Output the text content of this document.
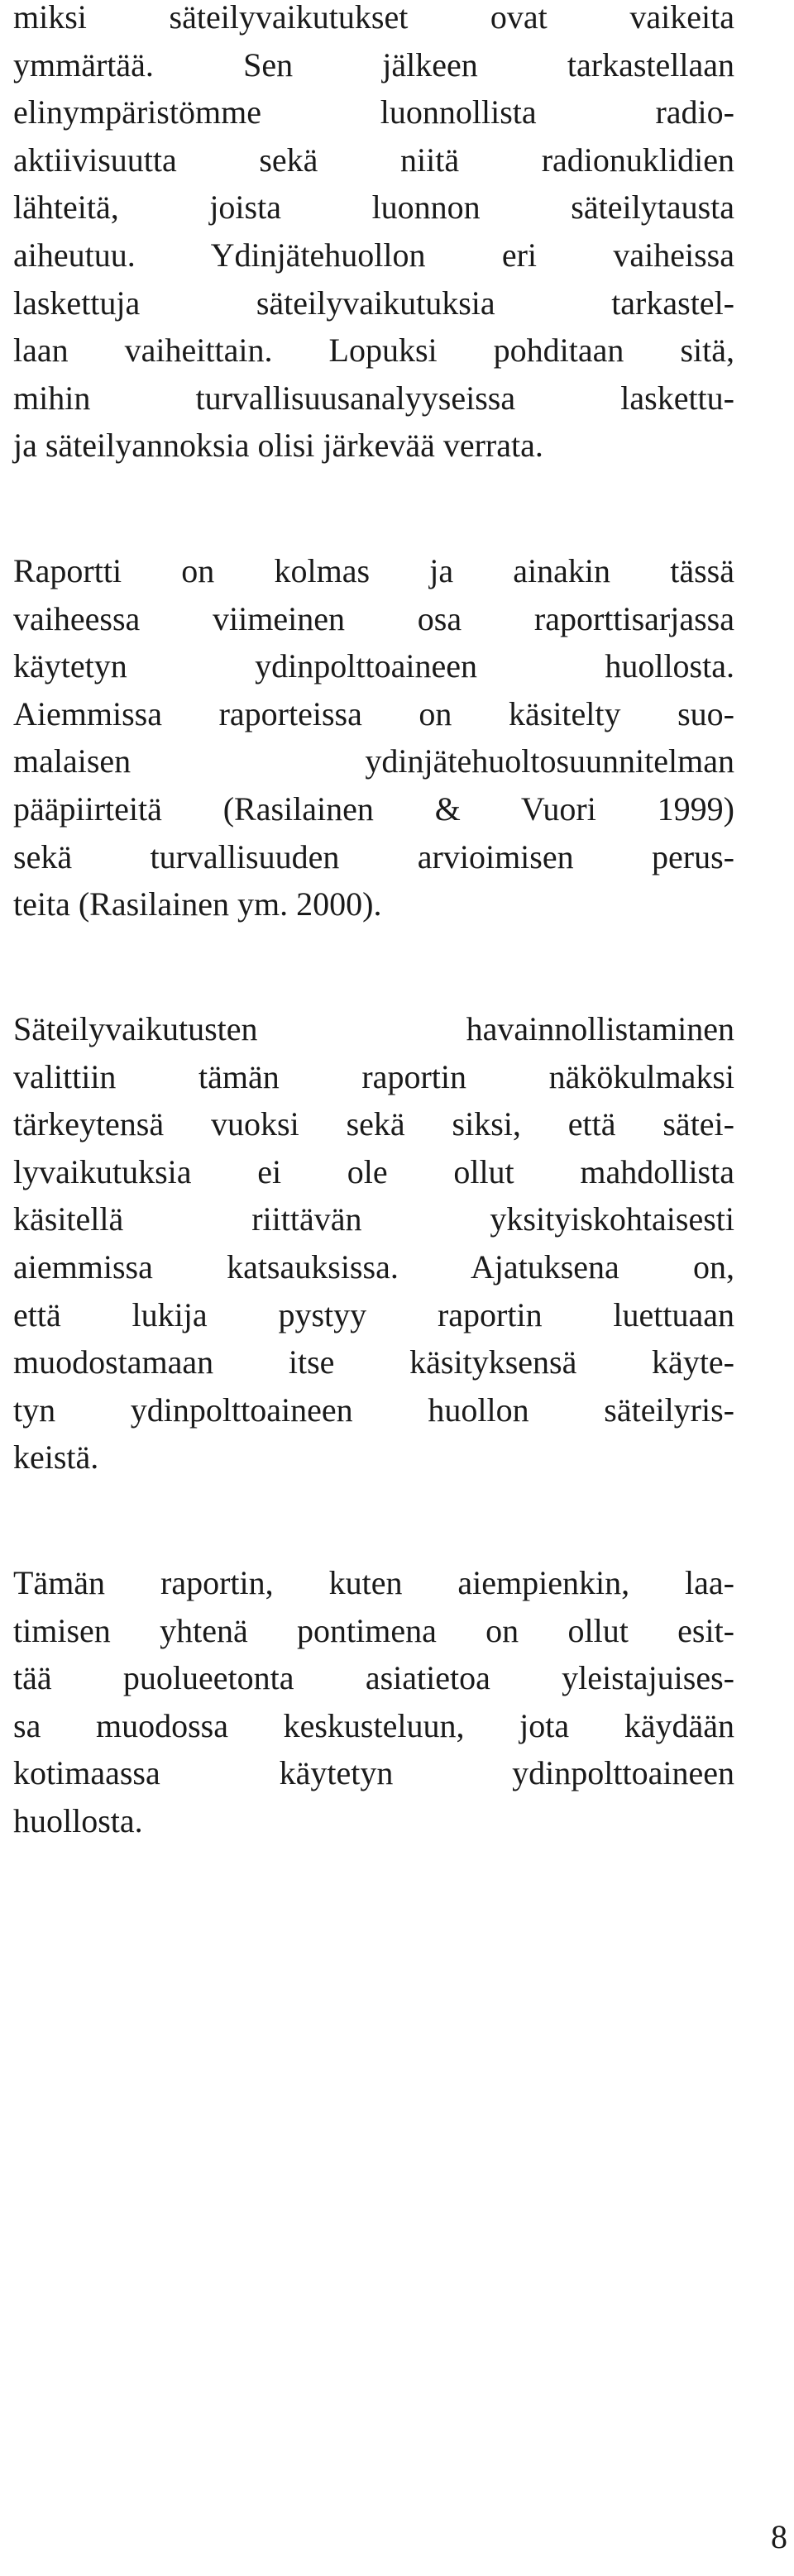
miksi säteilyvaikutukset ovat vaikeita
ymmärtää. Sen jälkeen tarkastellaan
elinympäristömme luonnollista radio-
aktiivisuutta sekä niitä radionuklidien
lähteitä, joista luonnon säteilytausta
aiheutuu. Ydinjätehuollon eri vaiheissa
laskettuja säteilyvaikutuksia tarkastel-
laan vaiheittain. Lopuksi pohditaan sitä,
mihin turvallisuusanalyyseissa laskettu-
ja säteilyannoksia olisi järkevää verrata.

Raportti on kolmas ja ainakin tässä
vaiheessa viimeinen osa raporttisarjassa
käytetyn ydinpolttoaineen huollosta.
Aiemmissa raporteissa on käsitelty suo-
malaisen ydinjätehuoltosuunnitelman
pääpiirteitä (Rasilainen & Vuori 1999)
sekä turvallisuuden arvioimisen perus-
teita (Rasilainen ym. 2000).

Säteilyvaikutusten havainnollistaminen
valittiin tämän raportin näkökulmaksi
tärkeytensä vuoksi sekä siksi, että sätei-
lyvaikutuksia ei ole ollut mahdollista
käsitellä riittävän yksityiskohtaisesti
aiemmissa katsauksissa. Ajatuksena on,
että lukija pystyy raportin luettuaan
muodostamaan itse käsityksensä käyte-
tyn ydinpolttoaineen huollon säteilyris-
keistä.

Tämän raportin, kuten aiempienkin, laa-
timisen yhtenä pontimena on ollut esit-
tää puolueetonta asiatietoa yleistajuises-
sa muodossa keskusteluun, jota käydään
kotimaassa käytetyn ydinpolttoaineen
huollosta.

8
